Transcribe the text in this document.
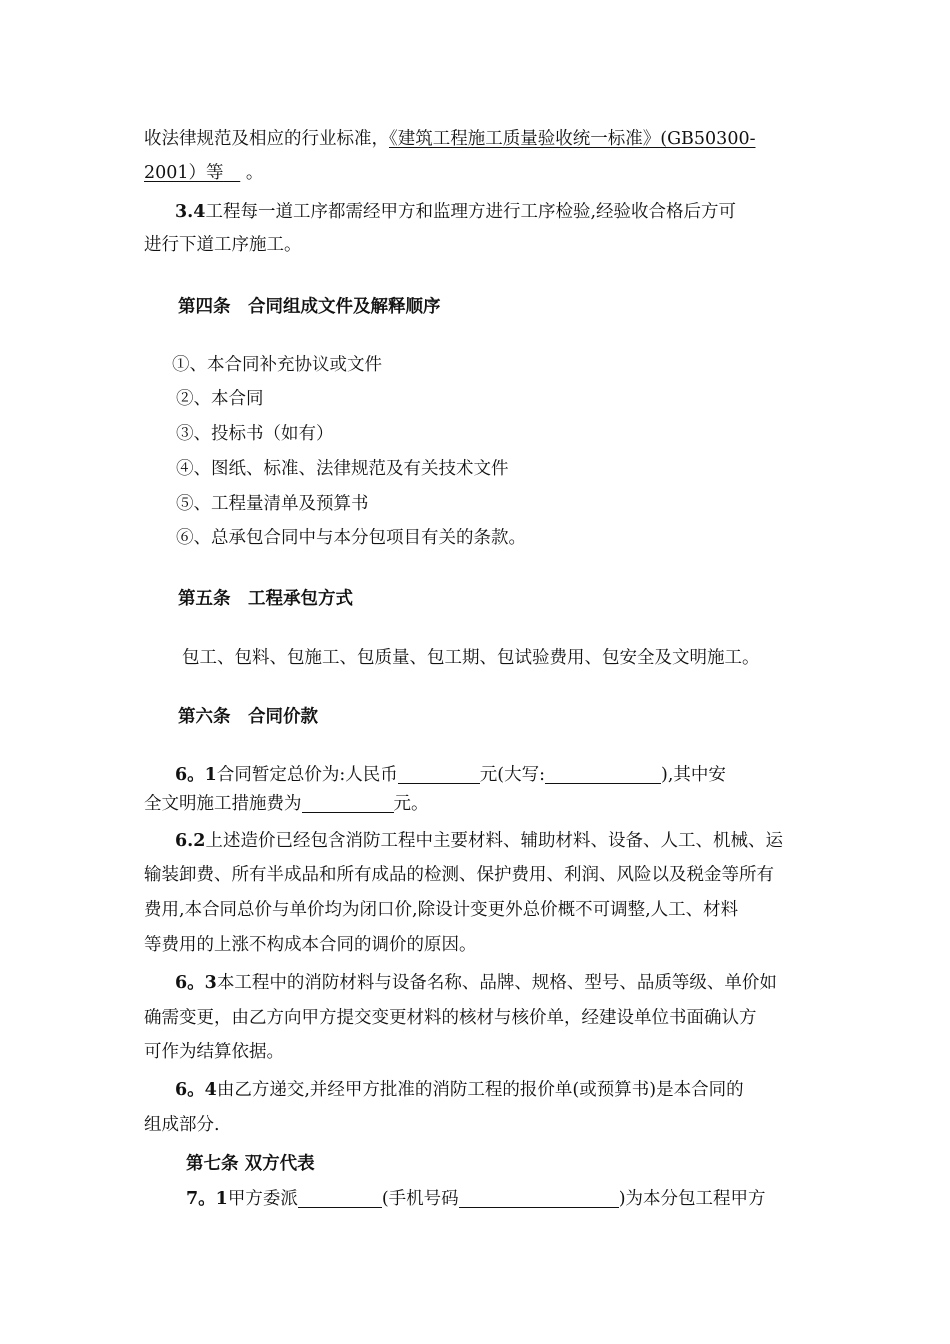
收法律规范及相应的行业标准，《建筑工程施工质量验收统一标准》(GB50300-
2001）等    。
3.4工程每一道工序都需经甲方和监理方进行工序检验,经验收合格后方可
进行下道工序施工。
第四条　合同组成文件及解释顺序
①、本合同补充协议或文件
②、本合同
③、投标书（如有）
④、图纸、标准、法律规范及有关技术文件
⑤、工程量清单及预算书
⑥、总承包合同中与本分包项目有关的条款。
第五条　工程承包方式
包工、包料、包施工、包质量、包工期、包试验费用、包安全及文明施工。
第六条　合同价款
6。1合同暂定总价为:人民币	元(大写:	),其中安
全文明施工措施费为	元。
6.2上述造价已经包含消防工程中主要材料、辅助材料、设备、人工、机械、运
输装卸费、所有半成品和所有成品的检测、保护费用、利润、风险以及税金等所有
费用,本合同总价与单价均为闭口价,除设计变更外总价概不可调整,人工、材料
等费用的上涨不构成本合同的调价的原因。
6。3本工程中的消防材料与设备名称、品牌、规格、型号、品质等级、单价如
确需变更，由乙方向甲方提交变更材料的核材与核价单，经建设单位书面确认方
可作为结算依据。
6。4由乙方递交,并经甲方批准的消防工程的报价单(或预算书)是本合同的
组成部分.
第七条 双方代表
7。1甲方委派	(手机号码	)为本分包工程甲方
